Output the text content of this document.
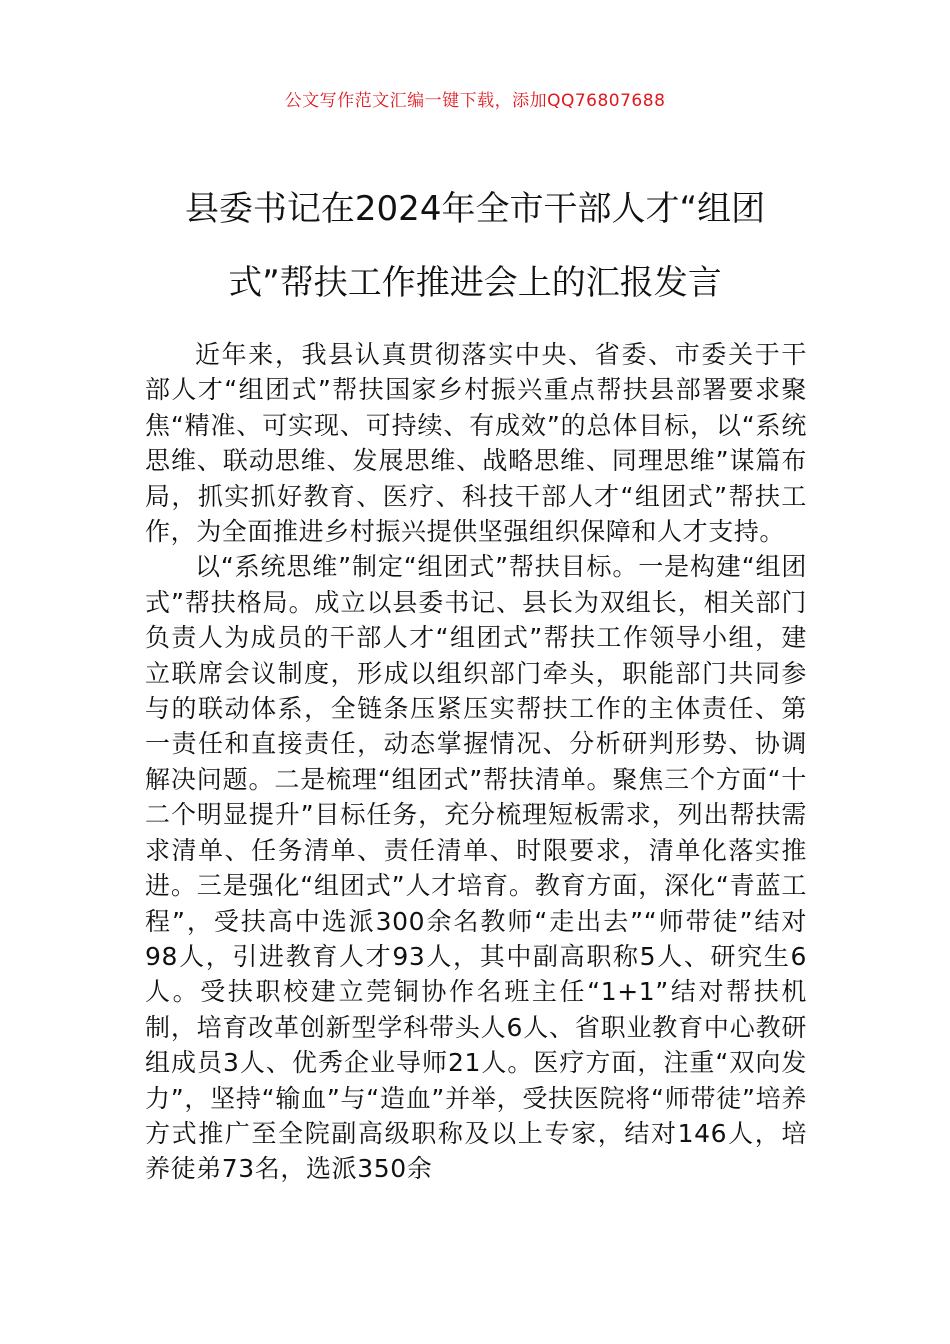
公文写作范文汇编一键下载，添加QQ76807688
县委书记在2024年全市干部人才“组团式”帮扶工作推进会上的汇报发言

近年来，我县认真贯彻落实中央、省委、市委关于干部人才“组团式”帮扶国家乡村振兴重点帮扶县部署要求聚焦“精准、可实现、可持续、有成效”的总体目标，以“系统思维、联动思维、发展思维、战略思维、同理思维”谋篇布局，抓实抓好教育、医疗、科技干部人才“组团式”帮扶工作，为全面推进乡村振兴提供坚强组织保障和人才支持。

以“系统思维”制定“组团式”帮扶目标。一是构建“组团式”帮扶格局。成立以县委书记、县长为双组长，相关部门负责人为成员的干部人才“组团式”帮扶工作领导小组，建立联席会议制度，形成以组织部门牵头，职能部门共同参与的联动体系，全链条压紧压实帮扶工作的主体责任、第一责任和直接责任，动态掌握情况、分析研判形势、协调解决问题。二是梳理“组团式”帮扶清单。聚焦三个方面“十二个明显提升”目标任务，充分梳理短板需求，列出帮扶需求清单、任务清单、责任清单、时限要求，清单化落实推进。三是强化“组团式”人才培育。教育方面，深化“青蓝工程”，受扶高中选派300余名教师“走出去”“师带徒”结对98人，引进教育人才93人，其中副高职称5人、研究生6人。受扶职校建立莞铜协作名班主任“1+1”结对帮扶机制，培育改革创新型学科带头人6人、省职业教育中心教研组成员3人、优秀企业导师21人。医疗方面，注重“双向发力”，坚持“输血”与“造血”并举，受扶医院将“师带徒”培养方式推广至全院副高级职称及以上专家，结对146人，培养徒弟73名，选派350余
